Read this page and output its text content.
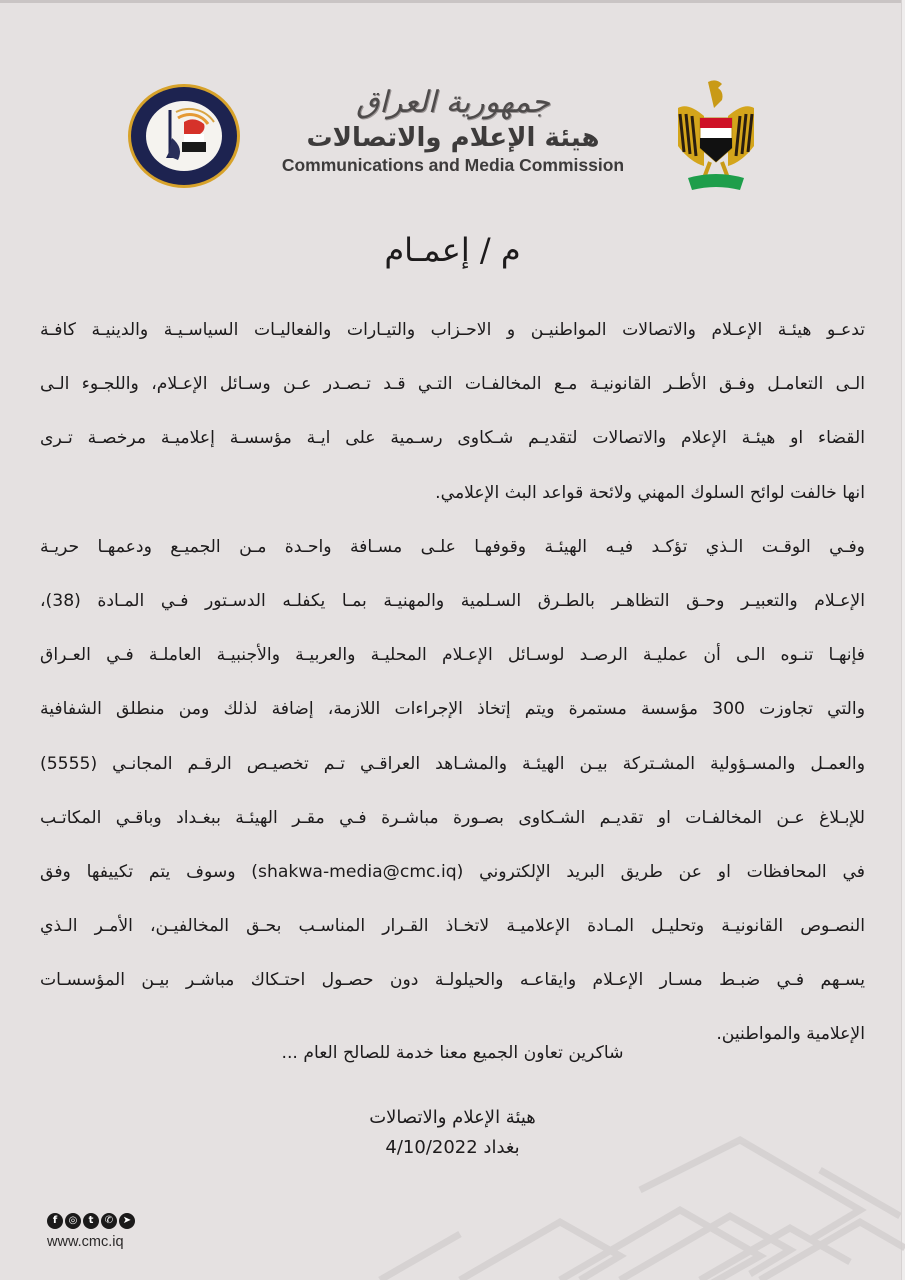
جمهورية العراق
هيئة الإعلام والاتصالات
Communications and Media Commission
م / إعمـام
تدعـو هيئـة الإعـلام والاتصالات المواطنيـن و الاحـزاب والتيـارات والفعاليـات السياسـيـة والدينيـة كافـة
الـى التعامـل وفـق الأطـر القانونيـة مـع المخالفـات التـي قـد تـصـدر عـن وسـائل الإعـلام، واللجـوء الـى
القضاء او هيئـة الإعلام والاتصالات لتقديـم شـكاوى رسـمية على ايـة مؤسسـة إعلاميـة مرخصـة تـرى
انها خالفت لوائح السلوك المهني ولائحة قواعد البث الإعلامي.
وفـي الوقـت الـذي تؤكـد فيـه الهيئـة وقوفهـا علـى مسـافة واحـدة مـن الجميـع ودعمهـا حريـة
الإعـلام والتعبيـر وحـق التظاهـر بالطـرق السـلمية والمهنيـة بمـا يكفلـه الدسـتور فـي المـادة (38)،
فإنهـا تنـوه الـى أن عمليـة الرصـد لوسـائل الإعـلام المحليـة والعربيـة والأجنبيـة العاملـة فـي العـراق
والتي تجاوزت 300 مؤسسة مستمرة ويتم إتخاذ الإجراءات اللازمة، إضافة لذلك ومن منطلق الشفافية
والعمـل والمسـؤولية المشـتركة بيـن الهيئـة والمشـاهد العراقـي تـم تخصيـص الرقـم المجانـي (5555)
للإبـلاغ عـن المخالفـات او تقديـم الشـكاوى بصـورة مباشـرة فـي مقـر الهيئـة ببغـداد وباقـي المكاتـب
في المحافظات او عن طريق البريد الإلكتروني (shakwa-media@cmc.iq) وسوف يتم تكييفها وفق
النصـوص القانونيـة وتحليـل المـادة الإعلاميـة لاتخـاذ القـرار المناسـب بحـق المخالفيـن، الأمـر الـذي
يسـهم فـي ضبـط مسـار الإعـلام وايقاعـه والحيلولـة دون حصـول احتـكاك مباشـر بيـن المؤسسـات
الإعلامية والمواطنين.
شاكرين تعاون الجميع معنا خدمة للصالح العام ...
هيئة الإعلام والاتصالات
بغداد 4/10/2022
f	◎	t	✆ ➤
www.cmc.iq
